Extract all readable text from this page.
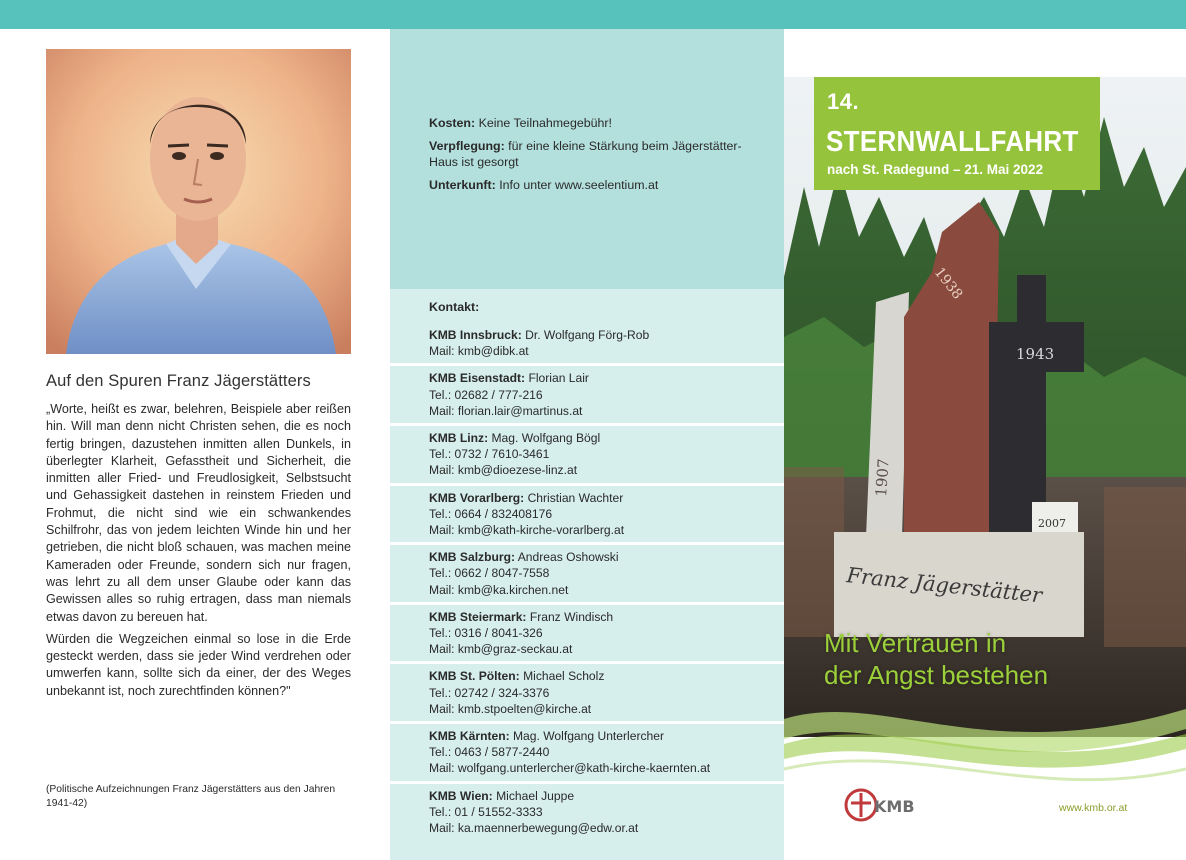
Auf den Spuren Franz Jägerstätters

„Worte, heißt es zwar, belehren, Beispiele aber reißen hin. Will man denn nicht Christen sehen, die es noch fertig bringen, dazustehen inmitten allen Dunkels, in überlegter Klarheit, Gefasstheit und Sicherheit, die inmitten aller Fried- und Freudlosigkeit, Selbstsucht und Gehassigkeit dastehen in reinstem Frieden und Frohmut, die nicht sind wie ein schwankendes Schilfrohr, das von jedem leichten Winde hin und her getrieben, die nicht bloß schauen, was machen meine Kameraden oder Freunde, sondern sich nur fragen, was lehrt zu all dem unser Glaube oder kann das Gewissen alles so ruhig ertragen, dass man niemals etwas davon zu bereuen hat.

Würden die Wegzeichen einmal so lose in die Erde gesteckt werden, dass sie jeder Wind verdrehen oder umwerfen kann, sollte sich da einer, der des Weges unbekannt ist, noch zurechtfinden können?"

(Politische Aufzeichnungen Franz Jägerstätters aus den Jahren 1941-42)
Kosten: Keine Teilnahmegebühr!
Verpflegung: für eine kleine Stärkung beim Jägerstätter-Haus ist gesorgt
Unterkunft: Info unter www.seelentium.at
Kontakt:
KMB Innsbruck: Dr. Wolfgang Förg-Rob
Mail: kmb@dibk.at
KMB Eisenstadt: Florian Lair
Tel.: 02682 / 777-216
Mail: florian.lair@martinus.at
KMB Linz: Mag. Wolfgang Bögl
Tel.: 0732 / 7610-3461
Mail: kmb@dioezese-linz.at
KMB Vorarlberg: Christian Wachter
Tel.: 0664 / 832408176
Mail: kmb@kath-kirche-vorarlberg.at
KMB Salzburg: Andreas Oshowski
Tel.: 0662 / 8047-7558
Mail: kmb@ka.kirchen.net
KMB Steiermark: Franz Windisch
Tel.: 0316 / 8041-326
Mail: kmb@graz-seckau.at
KMB St. Pölten: Michael Scholz
Tel.: 02742 / 324-3376
Mail: kmb.stpoelten@kirche.at
KMB Kärnten: Mag. Wolfgang Unterlercher
Tel.: 0463 / 5877-2440
Mail: wolfgang.unterlercher@kath-kirche-kaernten.at
KMB Wien: Michael Juppe
Tel.: 01 / 51552-3333
Mail: ka.maennerbewegung@edw.or.at
2007
1907
1938
1943
Franz Jägerstätter
14.
STERNWALLFAHRT
nach St. Radegund – 21. Mai 2022
Mit Vertrauen in
der Angst bestehen
KMB	www.kmb.or.at
